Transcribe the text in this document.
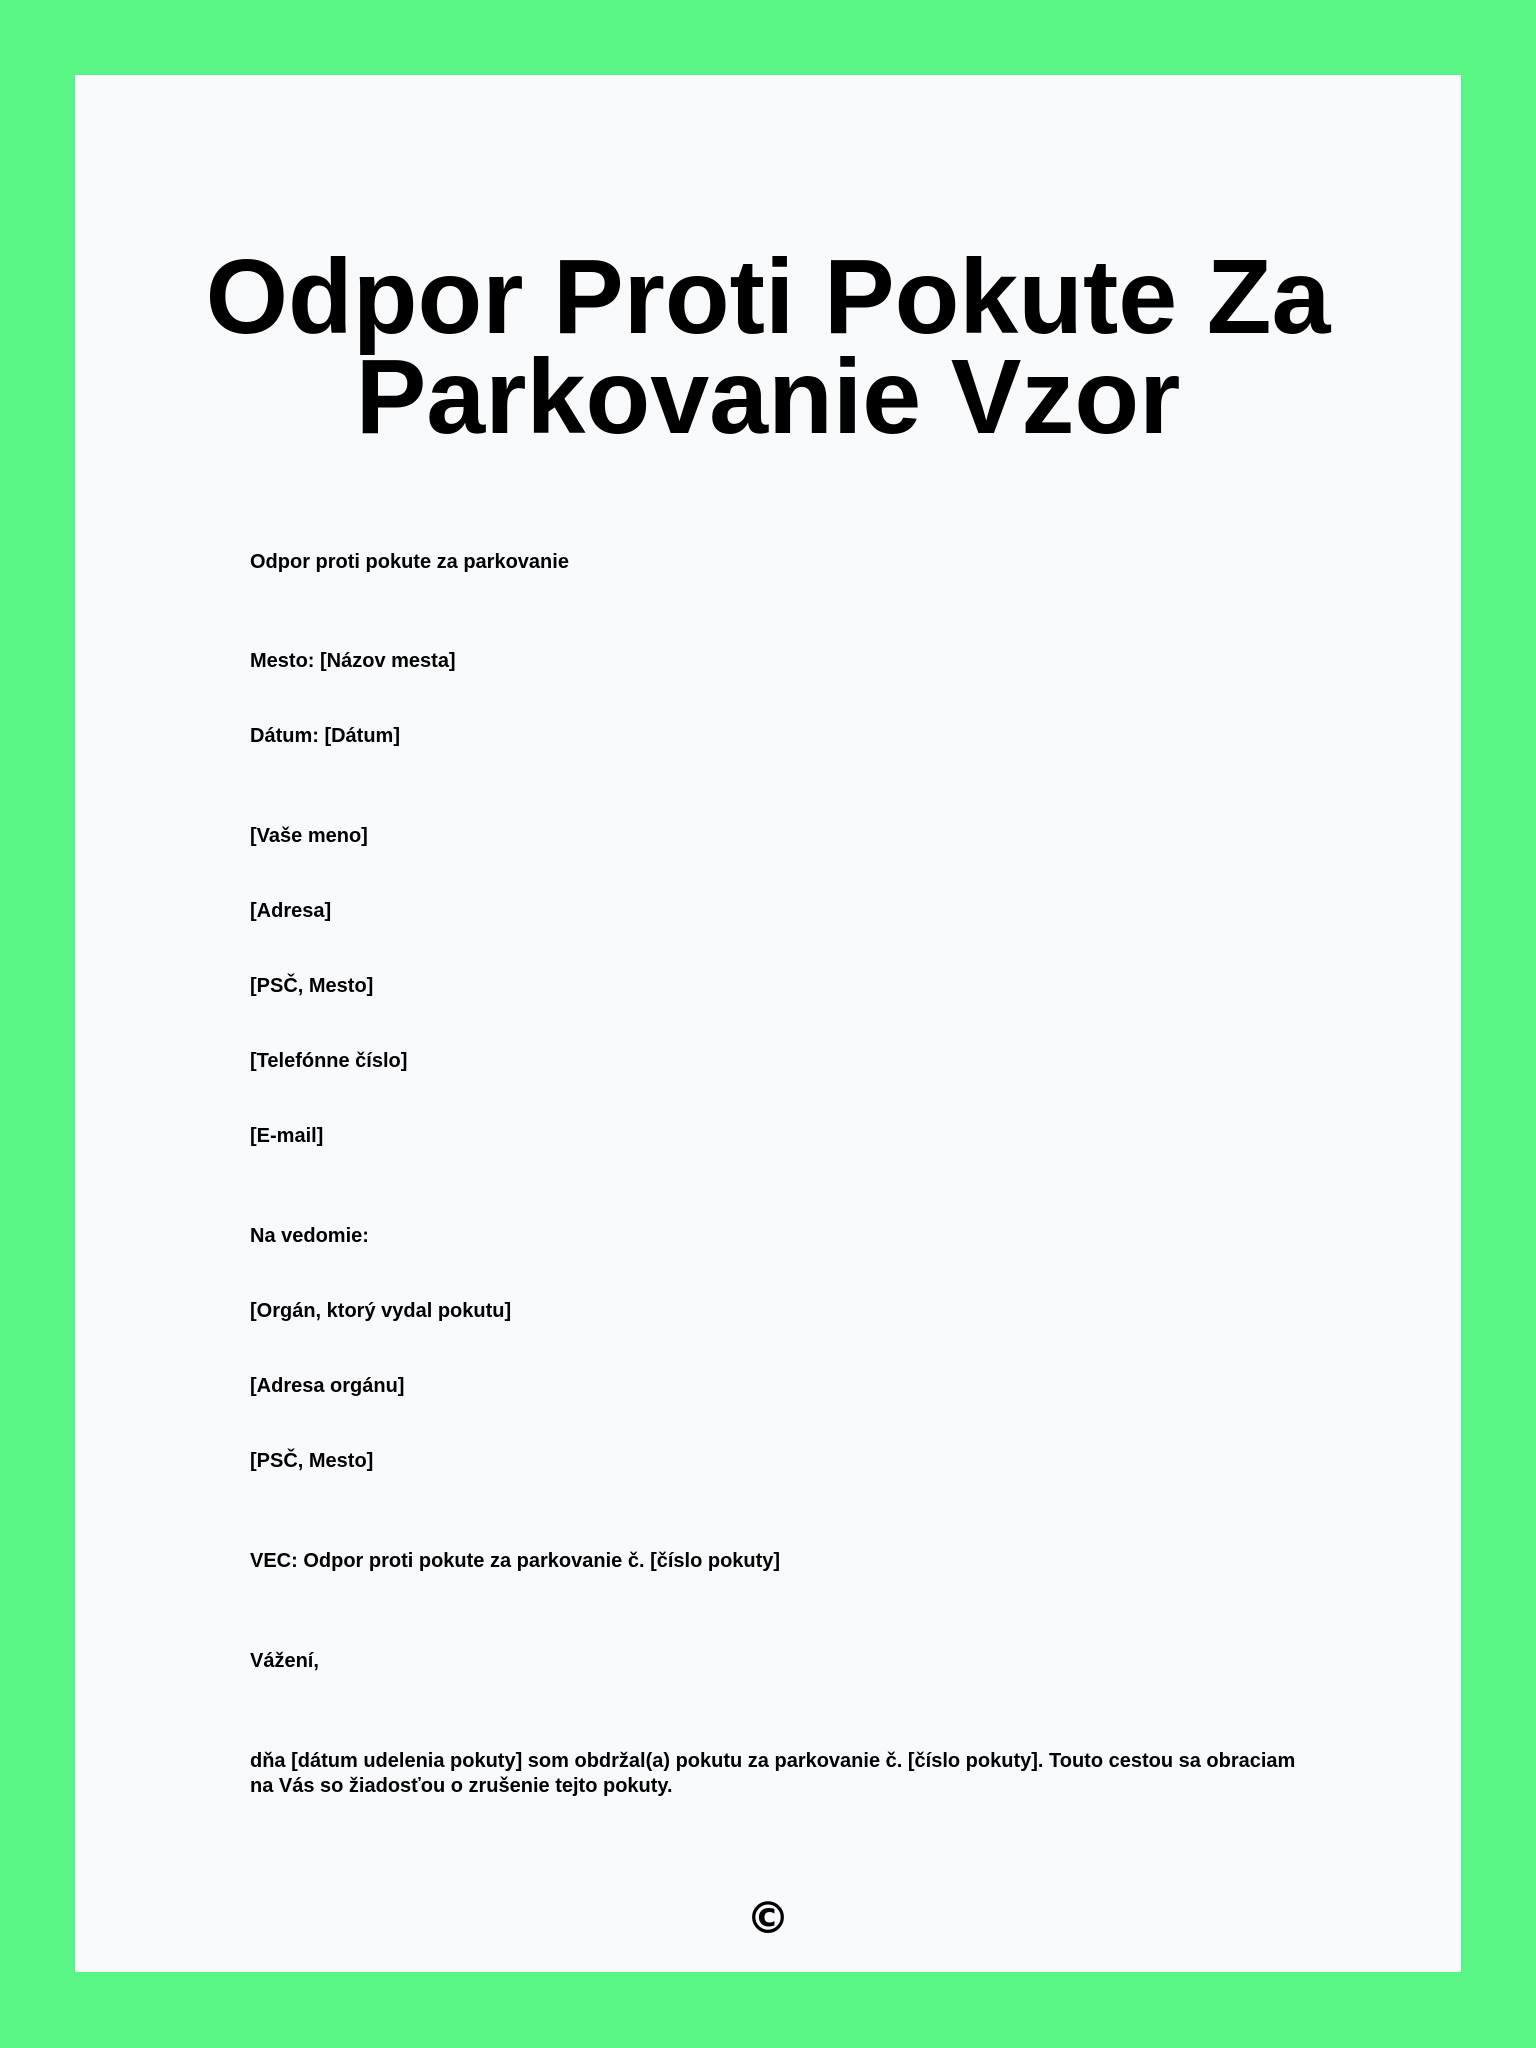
Odpor Proti Pokute Za Parkovanie Vzor

Odpor proti pokute za parkovanie

Mesto: [Názov mesta]

Dátum: [Dátum]

[Vaše meno]

[Adresa]

[PSČ, Mesto]

[Telefónne číslo]

[E-mail]

Na vedomie:

[Orgán, ktorý vydal pokutu]

[Adresa orgánu]

[PSČ, Mesto]

VEC: Odpor proti pokute za parkovanie č. [číslo pokuty]

Vážení,

dňa [dátum udelenia pokuty] som obdržal(a) pokutu za parkovanie č. [číslo pokuty]. Touto cestou sa obraciam na Vás so žiadosťou o zrušenie tejto pokuty.

©
